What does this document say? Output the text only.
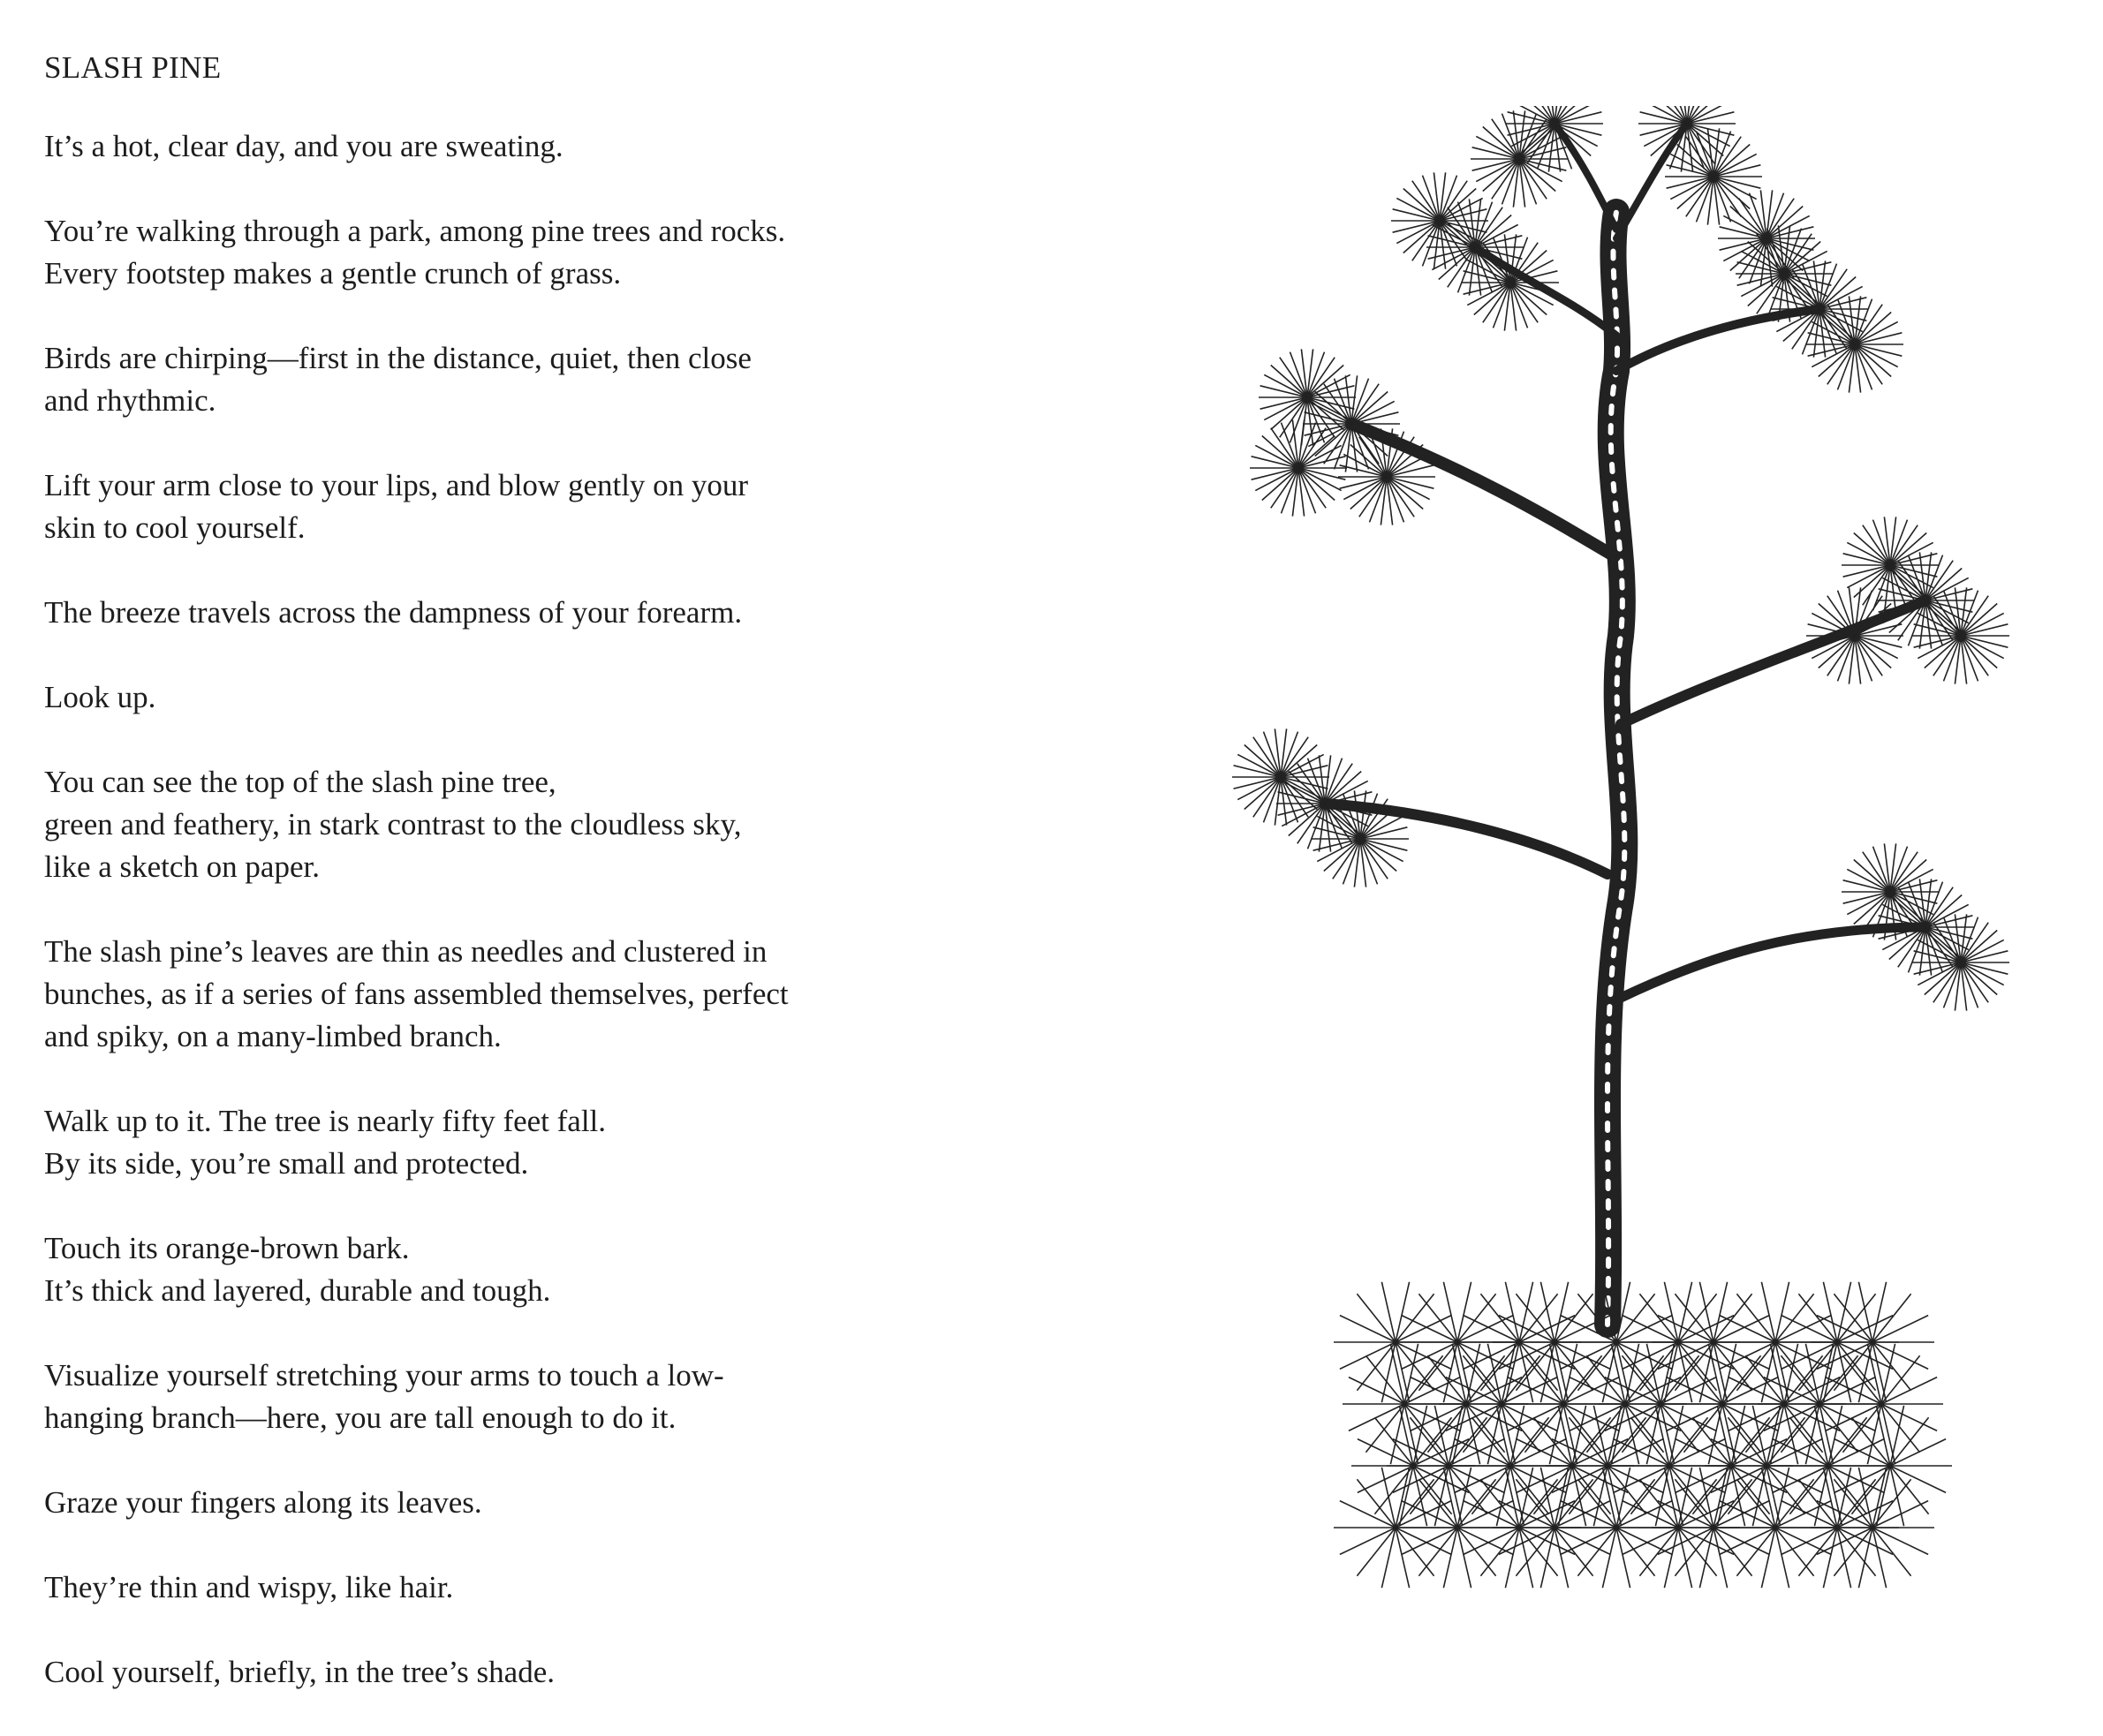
SLASH PINE
It’s a hot, clear day, and you are sweating.
You’re walking through a park, among pine trees and rocks.
Every footstep makes a gentle crunch of grass.
Birds are chirping—first in the distance, quiet, then close
and rhythmic.
Lift your arm close to your lips, and blow gently on your
skin to cool yourself.
The breeze travels across the dampness of your forearm.
Look up.
You can see the top of the slash pine tree,
green and feathery, in stark contrast to the cloudless sky,
like a sketch on paper.
The slash pine’s leaves are thin as needles and clustered in
bunches, as if a series of fans assembled themselves, perfect
and spiky, on a many-limbed branch.
Walk up to it. The tree is nearly fifty feet fall.
By its side, you’re small and protected.
Touch its orange-brown bark.
It’s thick and layered, durable and tough.
Visualize yourself stretching your arms to touch a low-
hanging branch—here, you are tall enough to do it.
Graze your fingers along its leaves.
They’re thin and wispy, like hair.
Cool yourself, briefly, in the tree’s shade.
